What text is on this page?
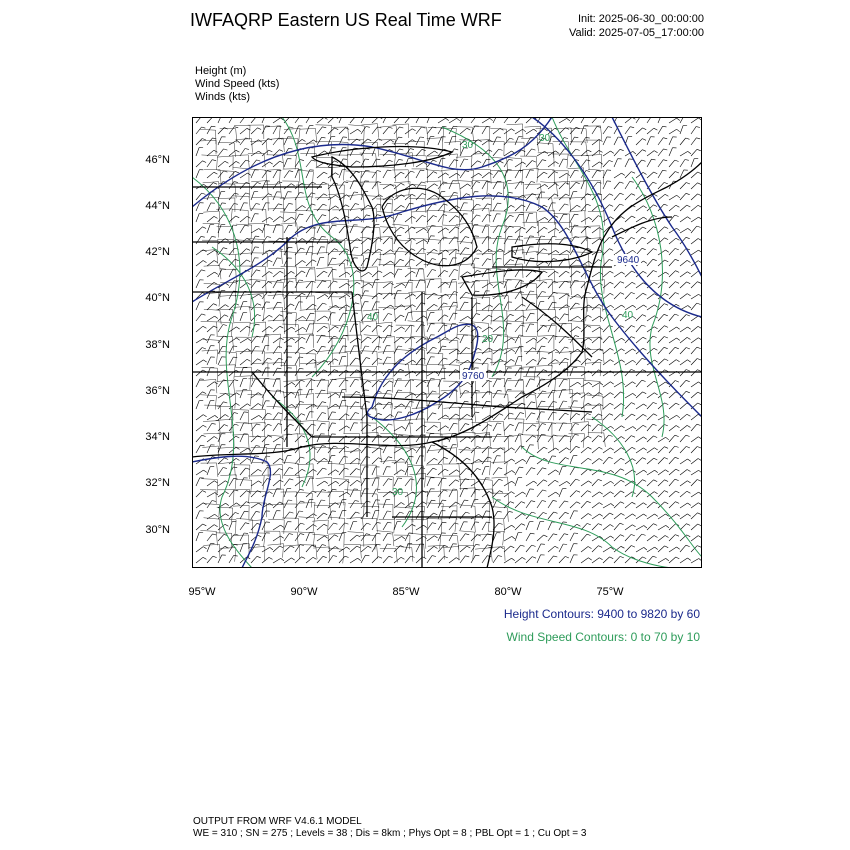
IWFAQRP Eastern US Real Time WRF	Init: 2025-06-30_00:00:00
Valid: 2025-07-05_17:00:00
Height (m)
Wind Speed (kts)
Winds (kts)
46°N
44°N
42°N
40°N
38°N
36°N
34°N
32°N
30°N
95°W	90°W	85°W	80°W	75°W
9760
9640
30
30
40
20
40
30
Height Contours: 9400 to 9820 by 60
Wind Speed Contours: 0 to 70 by 10
OUTPUT FROM WRF V4.6.1 MODEL
WE = 310 ; SN = 275 ; Levels = 38 ; Dis = 8km ; Phys Opt = 8 ; PBL Opt = 1 ; Cu Opt = 3
